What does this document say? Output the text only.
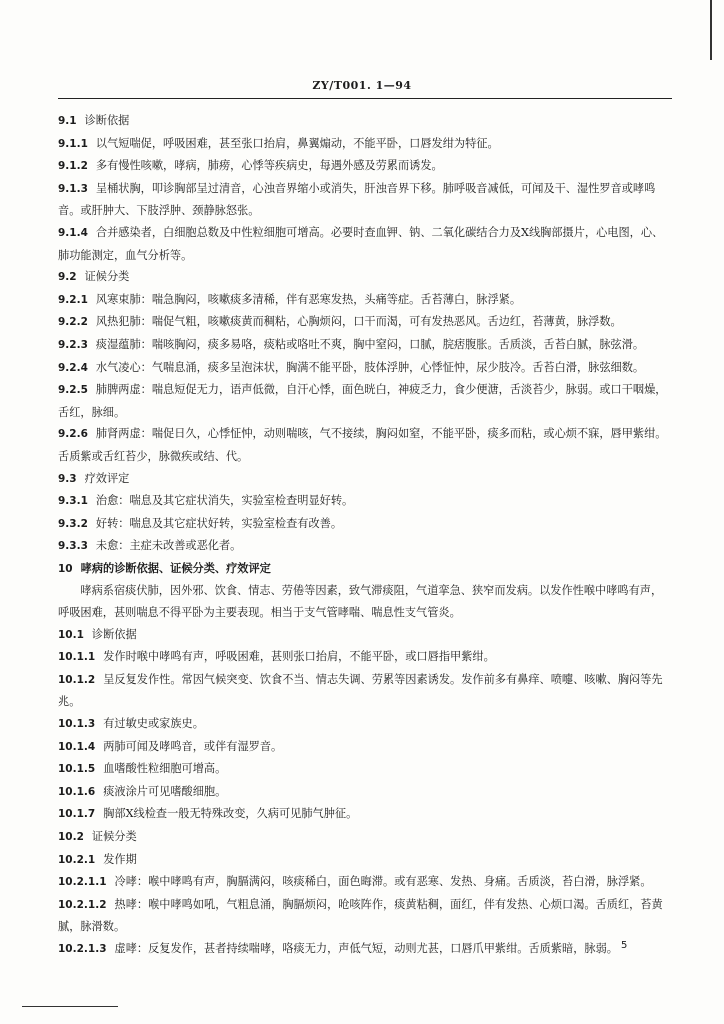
ZY/T001. 1—94

9.1 诊断依据

9.1.1 以气短喘促，呼吸困难，甚至张口抬肩，鼻翼煽动，不能平卧，口唇发绀为特征。

9.1.2 多有慢性咳嗽，哮病，肺痨，心悸等疾病史，每遇外感及劳累而诱发。

9.1.3 呈桶状胸，叩诊胸部呈过清音，心浊音界缩小或消失，肝浊音界下移。肺呼吸音减低，可闻及干、湿性罗音或哮鸣音。或肝肿大、下肢浮肿、颈静脉怒张。

9.1.4 合并感染者，白细胞总数及中性粒细胞可增高。必要时查血钾、钠、二氧化碳结合力及X线胸部摄片，心电图，心、肺功能测定，血气分析等。

9.2 证候分类

9.2.1 风寒束肺：喘急胸闷，咳嗽痰多清稀，伴有恶寒发热，头痛等症。舌苔薄白，脉浮紧。

9.2.2 风热犯肺：喘促气粗，咳嗽痰黄而稠粘，心胸烦闷，口干而渴，可有发热恶风。舌边红，苔薄黄，脉浮数。

9.2.3 痰湿蕴肺：喘咳胸闷，痰多易咯，痰粘或咯吐不爽，胸中窒闷，口腻，脘痞腹胀。舌质淡，舌苔白腻，脉弦滑。

9.2.4 水气凌心：气喘息涌，痰多呈泡沫状，胸满不能平卧，肢体浮肿，心悸怔忡，尿少肢冷。舌苔白滑，脉弦细数。

9.2.5 肺脾两虚：喘息短促无力，语声低微，自汗心悸，面色晄白，神疲乏力，食少便溏，舌淡苔少，脉弱。或口干咽燥，舌红，脉细。

9.2.6 肺肾两虚：喘促日久，心悸怔忡，动则喘咳，气不接续，胸闷如窒，不能平卧，痰多而粘，或心烦不寐，唇甲紫绀。舌质紫或舌红苔少，脉微疾或结、代。

9.3 疗效评定

9.3.1 治愈：喘息及其它症状消失，实验室检查明显好转。

9.3.2 好转：喘息及其它症状好转，实验室检查有改善。

9.3.3 未愈：主症未改善或恶化者。

10 哮病的诊断依据、证候分类、疗效评定

哮病系宿痰伏肺，因外邪、饮食、情志、劳倦等因素，致气滞痰阻，气道挛急、狭窄而发病。以发作性喉中哮鸣有声，呼吸困难，甚则喘息不得平卧为主要表现。相当于支气管哮喘、喘息性支气管炎。

10.1 诊断依据

10.1.1 发作时喉中哮鸣有声，呼吸困难，甚则张口抬肩，不能平卧，或口唇指甲紫绀。

10.1.2 呈反复发作性。常因气候突变、饮食不当、情志失调、劳累等因素诱发。发作前多有鼻痒、喷嚏、咳嗽、胸闷等先兆。

10.1.3 有过敏史或家族史。

10.1.4 两肺可闻及哮鸣音，或伴有湿罗音。

10.1.5 血嗜酸性粒细胞可增高。

10.1.6 痰液涂片可见嗜酸细胞。

10.1.7 胸部X线检查一般无特殊改变，久病可见肺气肿征。

10.2 证候分类

10.2.1 发作期

10.2.1.1 冷哮：喉中哮鸣有声，胸膈满闷，咳痰稀白，面色晦滞。或有恶寒、发热、身痛。舌质淡，苔白滑，脉浮紧。

10.2.1.2 热哮：喉中哮鸣如吼，气粗息涌，胸膈烦闷，呛咳阵作，痰黄粘稠，面红，伴有发热、心烦口渴。舌质红，苔黄腻，脉滑数。

10.2.1.3 虚哮：反复发作，甚者持续喘哮，咯痰无力，声低气短，动则尤甚，口唇爪甲紫绀。舌质紫暗，脉弱。 5
